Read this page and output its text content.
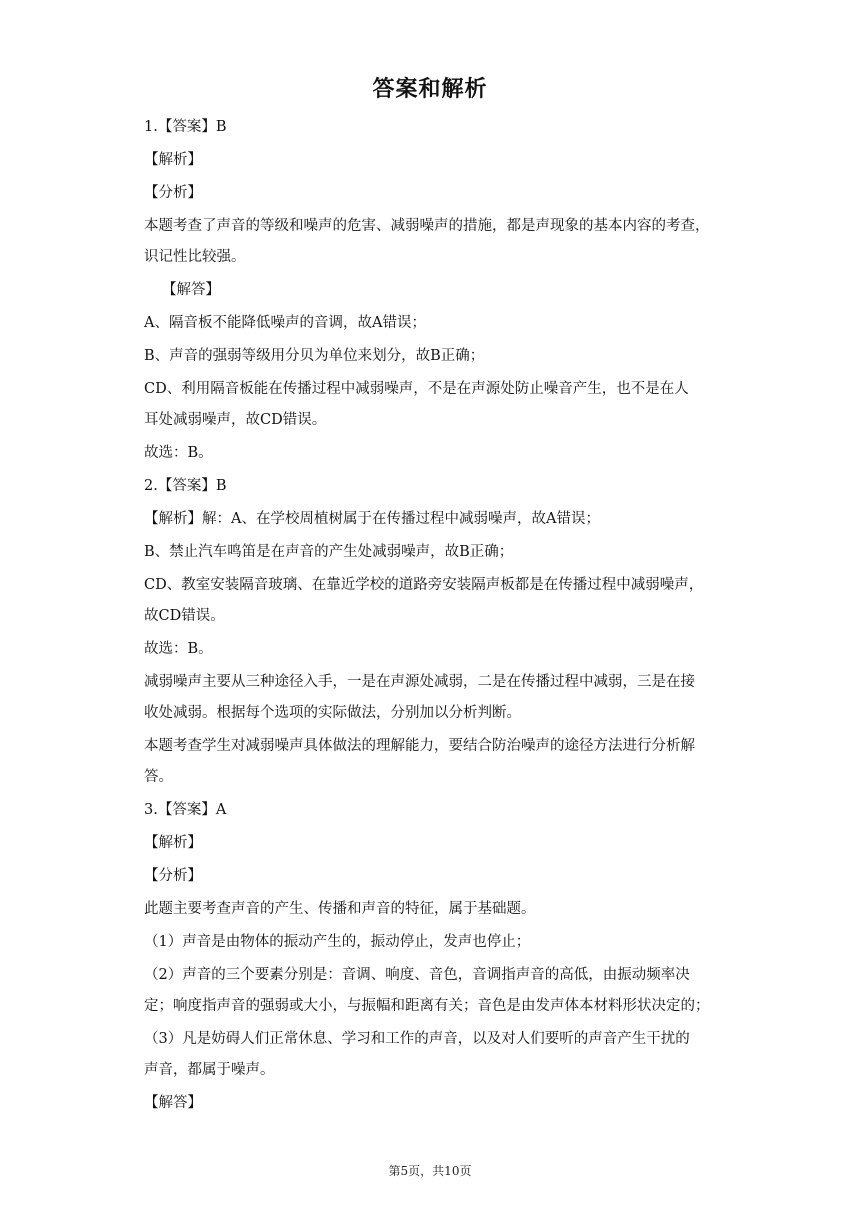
答案和解析
1.【答案】B
【解析】
【分析】
本题考查了声音的等级和噪声的危害、减弱噪声的措施，都是声现象的基本内容的考查，
识记性比较强。
【解答】
A、隔音板不能降低噪声的音调，故A错误；
B、声音的强弱等级用分贝为单位来划分，故B正确；
CD、利用隔音板能在传播过程中减弱噪声，不是在声源处防止噪音产生，也不是在人
耳处减弱噪声，故CD错误。
故选：B。
2.【答案】B
【解析】解：A、在学校周植树属于在传播过程中减弱噪声，故A错误；
B、禁止汽车鸣笛是在声音的产生处减弱噪声，故B正确；
CD、教室安装隔音玻璃、在靠近学校的道路旁安装隔声板都是在传播过程中减弱噪声，
故CD错误。
故选：B。
减弱噪声主要从三种途径入手，一是在声源处减弱，二是在传播过程中减弱，三是在接
收处减弱。根据每个选项的实际做法，分别加以分析判断。
本题考查学生对减弱噪声具体做法的理解能力，要结合防治噪声的途径方法进行分析解
答。
3.【答案】A
【解析】
【分析】
此题主要考查声音的产生、传播和声音的特征，属于基础题。
（1）声音是由物体的振动产生的，振动停止，发声也停止；
（2）声音的三个要素分别是：音调、响度、音色，音调指声音的高低，由振动频率决
定；响度指声音的强弱或大小，与振幅和距离有关；音色是由发声体本材料形状决定的；
（3）凡是妨碍人们正常休息、学习和工作的声音，以及对人们要听的声音产生干扰的
声音，都属于噪声。
【解答】
第5页，共10页
